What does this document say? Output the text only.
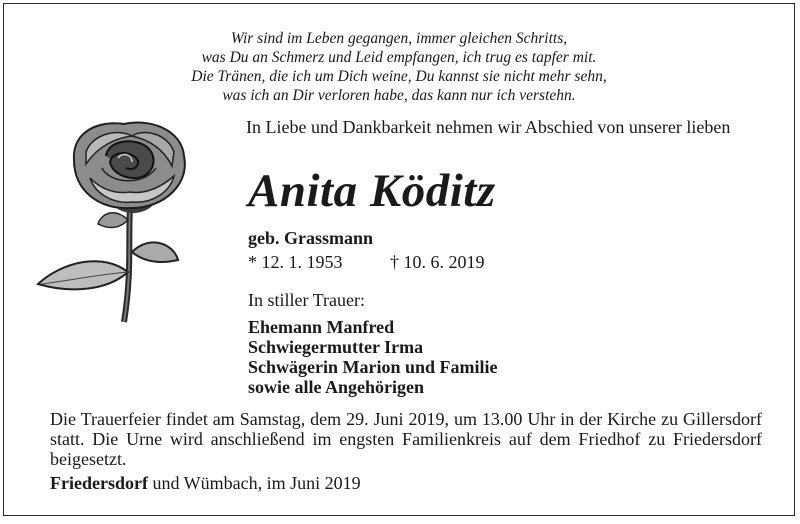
Wir sind im Leben gegangen, immer gleichen Schritts,
was Du an Schmerz und Leid empfangen, ich trug es tapfer mit.
Die Tränen, die ich um Dich weine, Du kannst sie nicht mehr sehn,
was ich an Dir verloren habe, das kann nur ich verstehn.
In Liebe und Dankbarkeit nehmen wir Abschied von unserer lieben
Anita Köditz
geb. Grassmann
* 12. 1. 1953	† 10. 6. 2019
In stiller Trauer:
Ehemann Manfred
Schwiegermutter Irma
Schwägerin Marion und Familie
sowie alle Angehörigen
Die Trauerfeier findet am Samstag, dem 29. Juni 2019, um 13.00 Uhr in der Kirche zu Gillersdorf statt. Die Urne wird anschließend im engsten Familienkreis auf dem Friedhof zu Friedersdorf beigesetzt.
Friedersdorf und Wümbach, im Juni 2019
